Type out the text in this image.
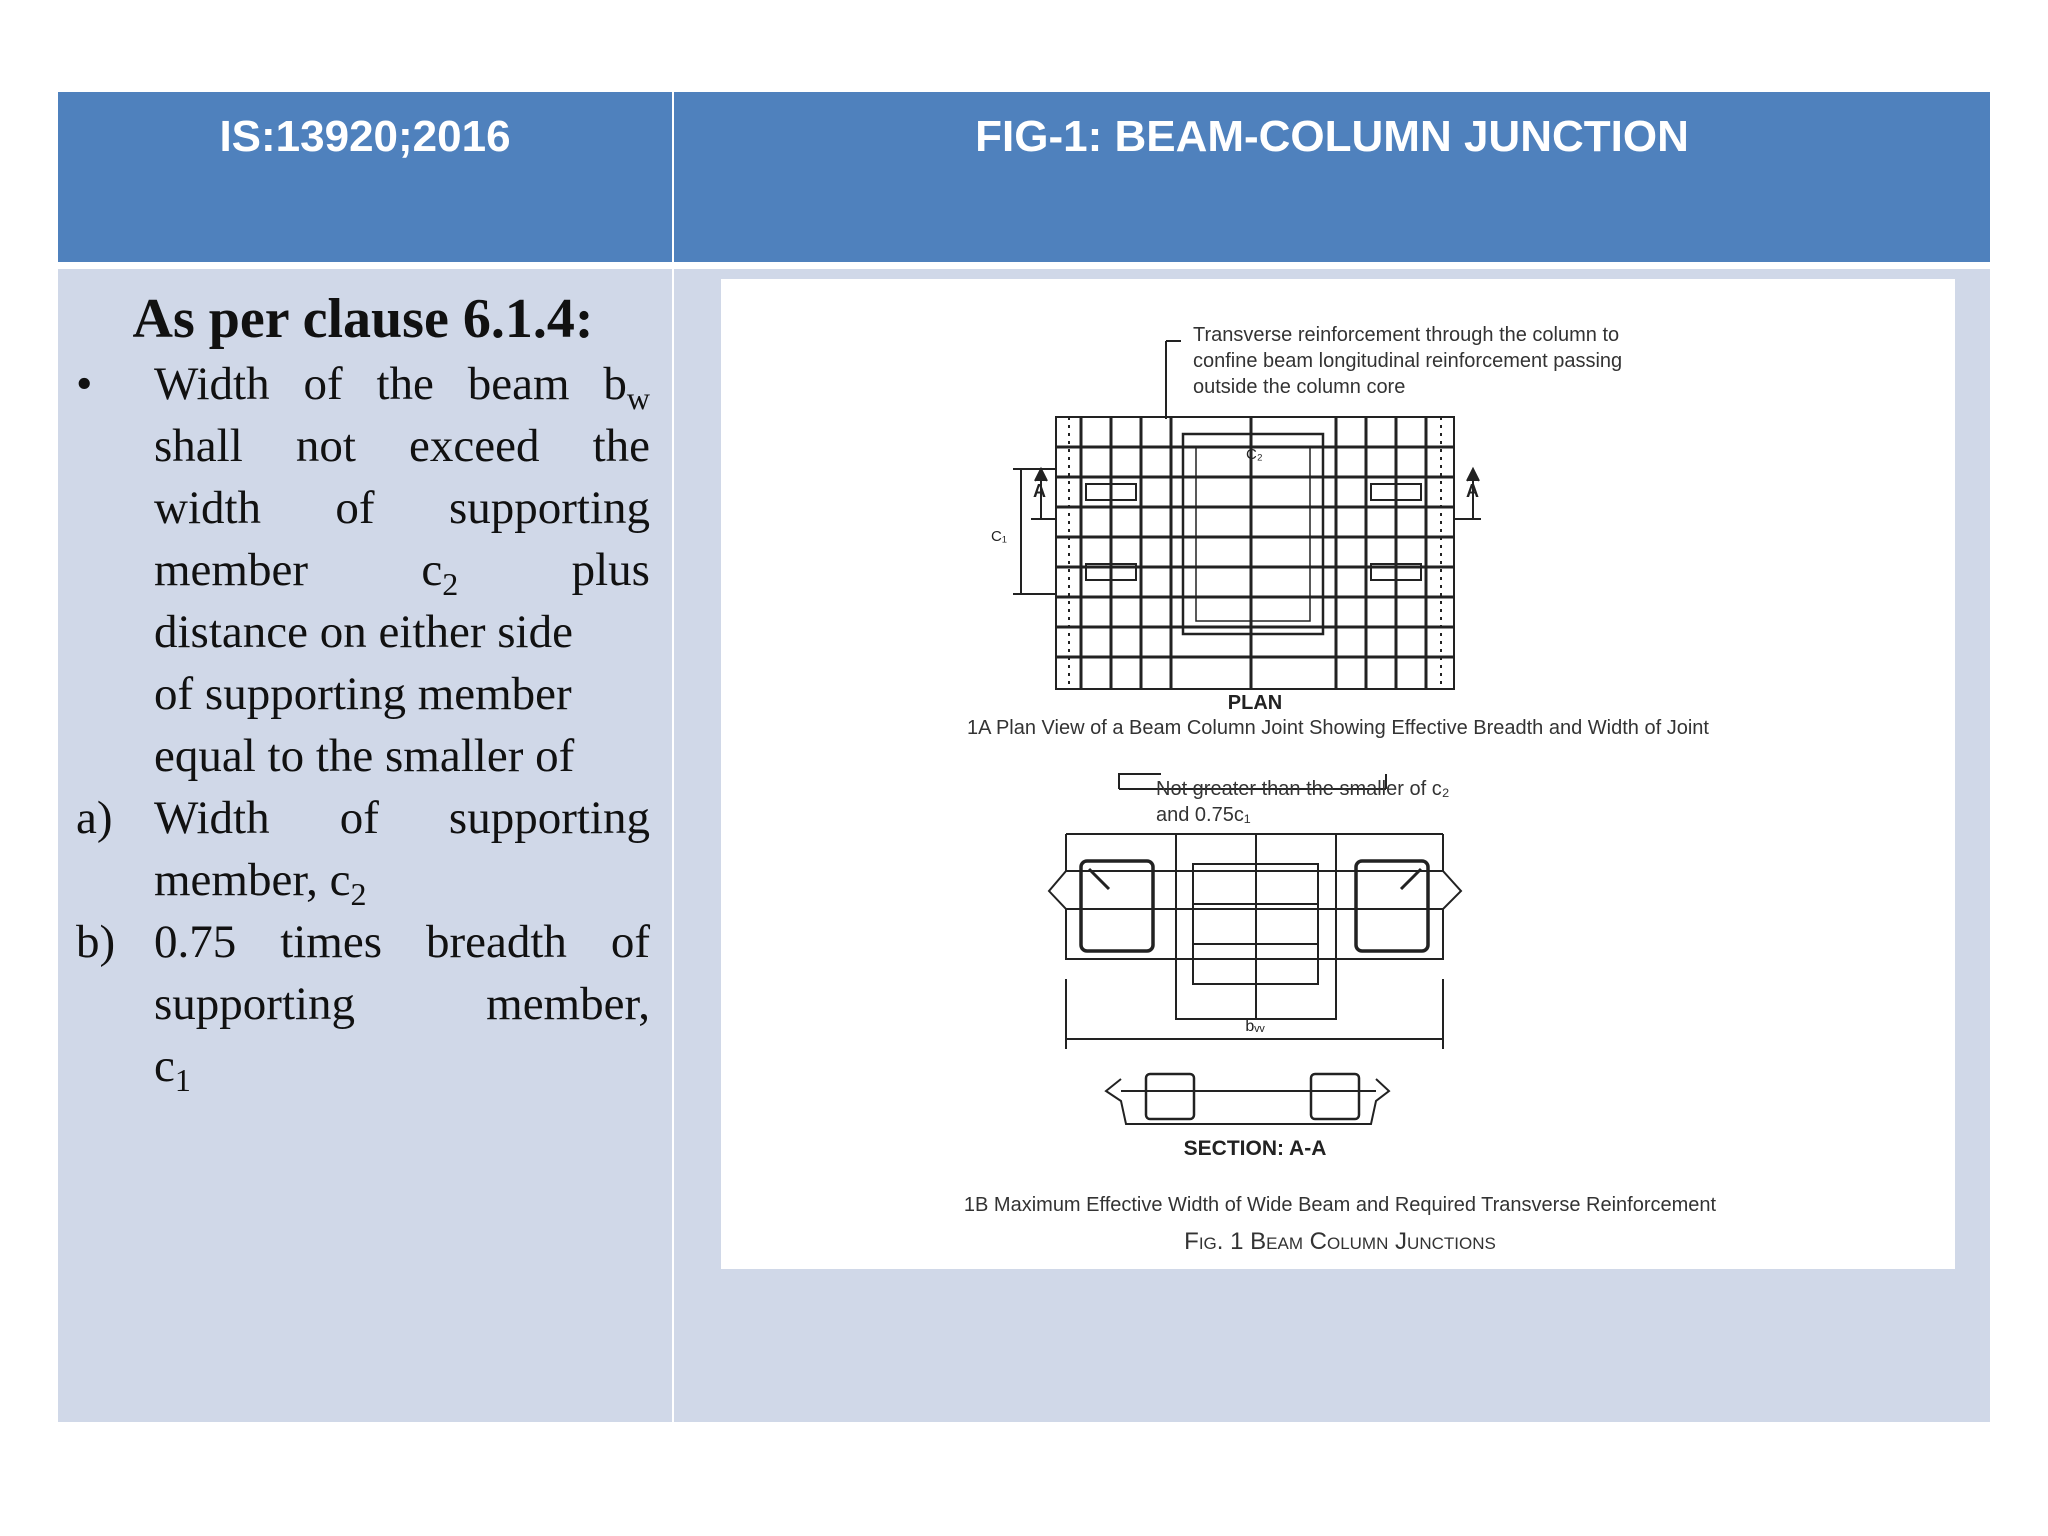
IS:13920;2016	FIG-1: BEAM-COLUMN JUNCTION
As per clause 6.1.4:
•	Width of the beam $b_w$
shall not exceed the
width of supporting
member $c_2$ plus
distance on either side
of supporting member
equal to the smaller of
a) Width of supporting
member, $c_2$
b) 0.75 times breadth of
supporting	member,
$c_1$
Transverse reinforcement through the column to
confine beam longitudinal reinforcement passing
outside the column core
A	A
C₁
C₂
PLAN
1A Plan View of a Beam Column Joint Showing Effective Breadth and Width of Joint
Not greater than the smaller of c₂
and 0.75c₁
bᵥᵥ
SECTION: A-A
1B Maximum Effective Width of Wide Beam and Required Transverse Reinforcement
Fig. 1 Beam Column Junctions
